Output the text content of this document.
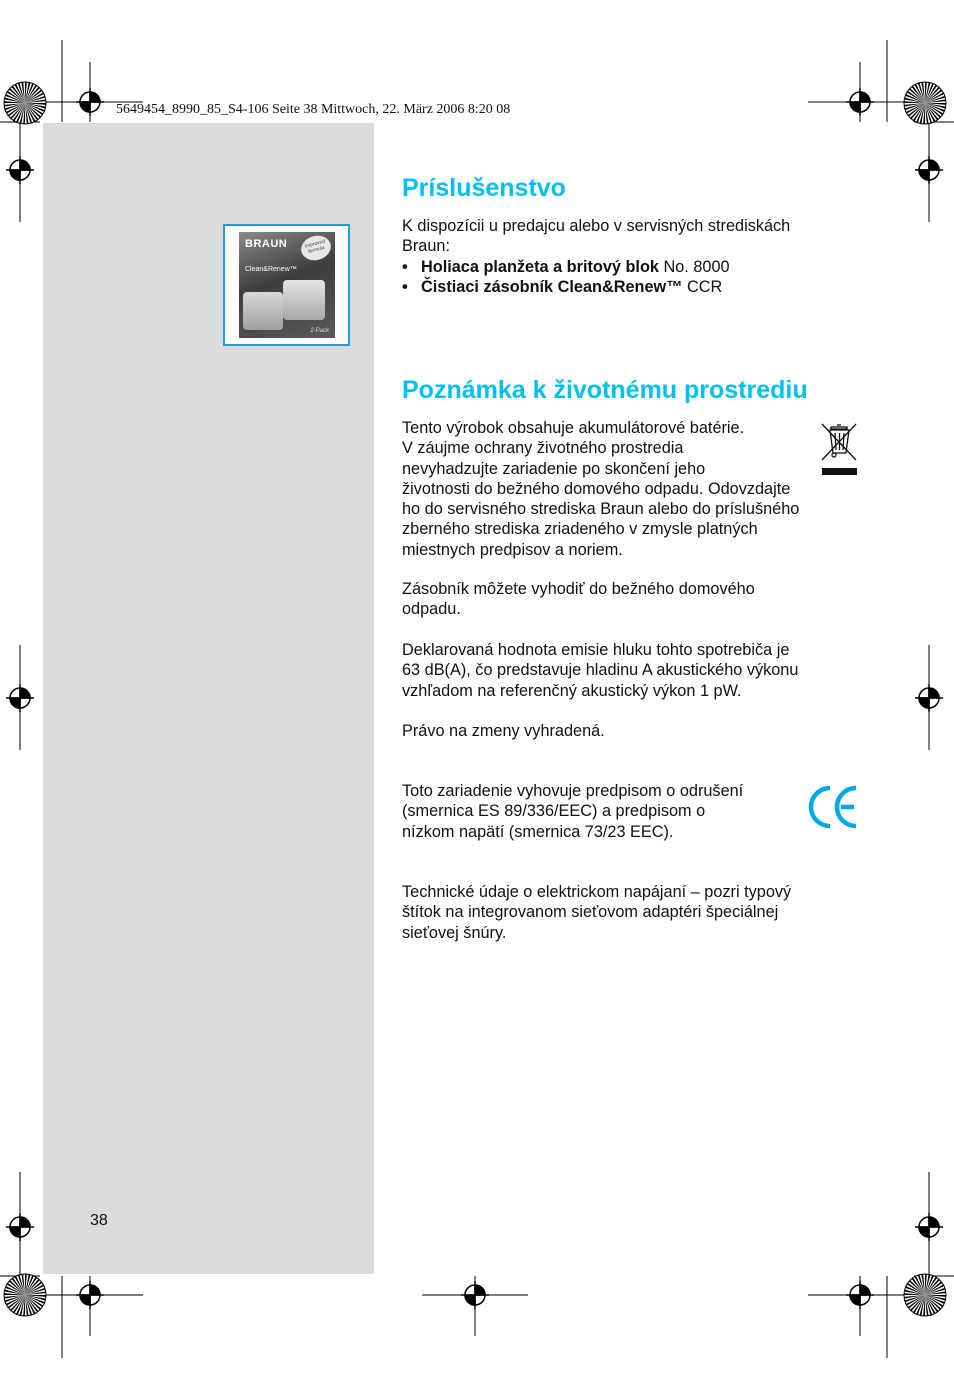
5649454_8990_85_S4-106 Seite 38 Mittwoch, 22. März 2006 8:20 08
Príslušenstvo
K dispozícii u predajcu alebo v servisných strediskách
Braun:
• Holiaca planžeta a britový blok No. 8000
• Čistiaci zásobník Clean&Renew™ CCR
BRAUN	Improved formula
Clean&Renew™
2-Pack
Poznámka k životnému prostrediu
Tento výrobok obsahuje akumulátorové batérie.
V záujme ochrany životného prostredia
nevyhadzujte zariadenie po skončení jeho
životnosti do bežného domového odpadu. Odovzdajte
ho do servisného strediska Braun alebo do príslušného
zberného strediska zriadeného v zmysle platných
miestnych predpisov a noriem.
Zásobník môžete vyhodiť do bežného domového
odpadu.
Deklarovaná hodnota emisie hluku tohto spotrebiča je
63 dB(A), čo predstavuje hladinu A akustického výkonu
vzhľadom na referenčný akustický výkon 1 pW.
Právo na zmeny vyhradená.
Toto zariadenie vyhovuje predpisom o odrušení
(smernica ES 89/336/EEC) a predpisom o
nízkom napätí (smernica 73/23 EEC).
Technické údaje o elektrickom napájaní – pozri typový
štítok na integrovanom sieťovom adaptéri špeciálnej
sieťovej šnúry.
38
